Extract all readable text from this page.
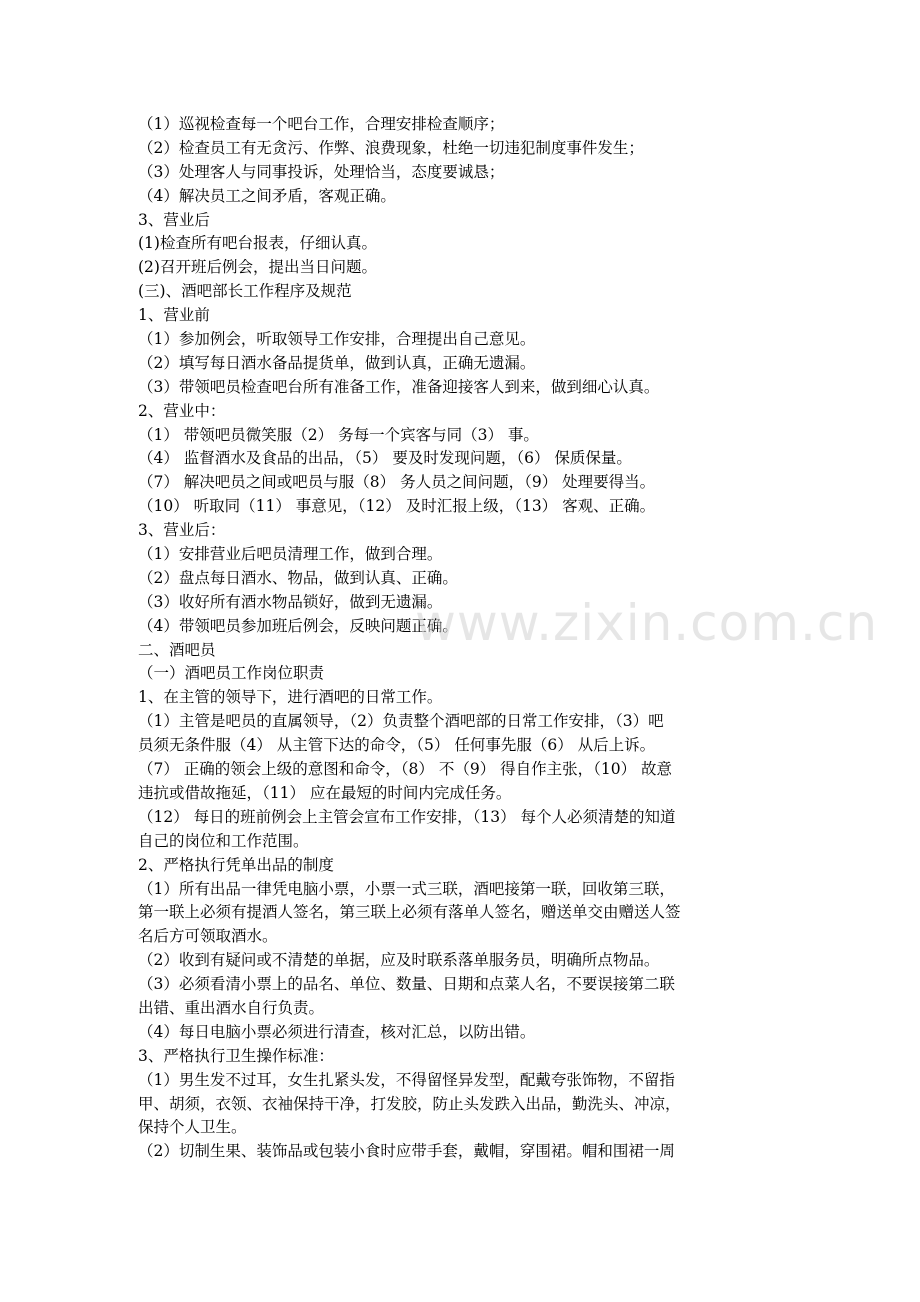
（1）巡视检查每一个吧台工作，合理安排检查顺序；
（2）检查员工有无贪污、作弊、浪费现象，杜绝一切违犯制度事件发生；
（3）处理客人与同事投诉，处理恰当，态度要诚恳；
（4）解决员工之间矛盾，客观正确。
3、营业后
(1)检查所有吧台报表，仔细认真。
(2)召开班后例会，提出当日问题。
(三)、酒吧部长工作程序及规范
1、营业前
（1）参加例会，听取领导工作安排，合理提出自己意见。
（2）填写每日酒水备品提货单，做到认真，正确无遗漏。
（3）带领吧员检查吧台所有准备工作，准备迎接客人到来，做到细心认真。
2、营业中：
（1） 带领吧员微笑服（2） 务每一个宾客与同（3） 事。
（4） 监督酒水及食品的出品，（5） 要及时发现问题，（6） 保质保量。
（7） 解决吧员之间或吧员与服（8） 务人员之间问题，（9） 处理要得当。
（10） 听取同（11） 事意见，（12） 及时汇报上级，（13） 客观、正确。
3、营业后：
（1）安排营业后吧员清理工作，做到合理。
（2）盘点每日酒水、物品，做到认真、正确。
（3）收好所有酒水物品锁好，做到无遗漏。
（4）带领吧员参加班后例会，反映问题正确。
二、酒吧员
（一）酒吧员工作岗位职责
1、在主管的领导下，进行酒吧的日常工作。
（1）主管是吧员的直属领导，（2）负责整个酒吧部的日常工作安排，（3）吧
员须无条件服（4） 从主管下达的命令，（5） 任何事先服（6） 从后上诉。
（7） 正确的领会上级的意图和命令，（8） 不（9） 得自作主张，（10） 故意
违抗或借故拖延，（11） 应在最短的时间内完成任务。
（12） 每日的班前例会上主管会宣布工作安排，（13） 每个人必须清楚的知道
自己的岗位和工作范围。
2、严格执行凭单出品的制度
（1）所有出品一律凭电脑小票，小票一式三联，酒吧接第一联，回收第三联，
第一联上必须有提酒人签名，第三联上必须有落单人签名，赠送单交由赠送人签
名后方可领取酒水。
（2）收到有疑问或不清楚的单据，应及时联系落单服务员，明确所点物品。
（3）必须看清小票上的品名、单位、数量、日期和点菜人名，不要误接第二联
出错、重出酒水自行负责。
（4）每日电脑小票必须进行清查，核对汇总，以防出错。
3、严格执行卫生操作标准：
（1）男生发不过耳，女生扎紧头发，不得留怪异发型，配戴夸张饰物，不留指
甲、胡须，衣领、衣袖保持干净，打发胶，防止头发跌入出品，勤洗头、冲凉，
保持个人卫生。
（2）切制生果、装饰品或包装小食时应带手套，戴帽，穿围裙。帽和围裙一周
www.zixin.com.cn
